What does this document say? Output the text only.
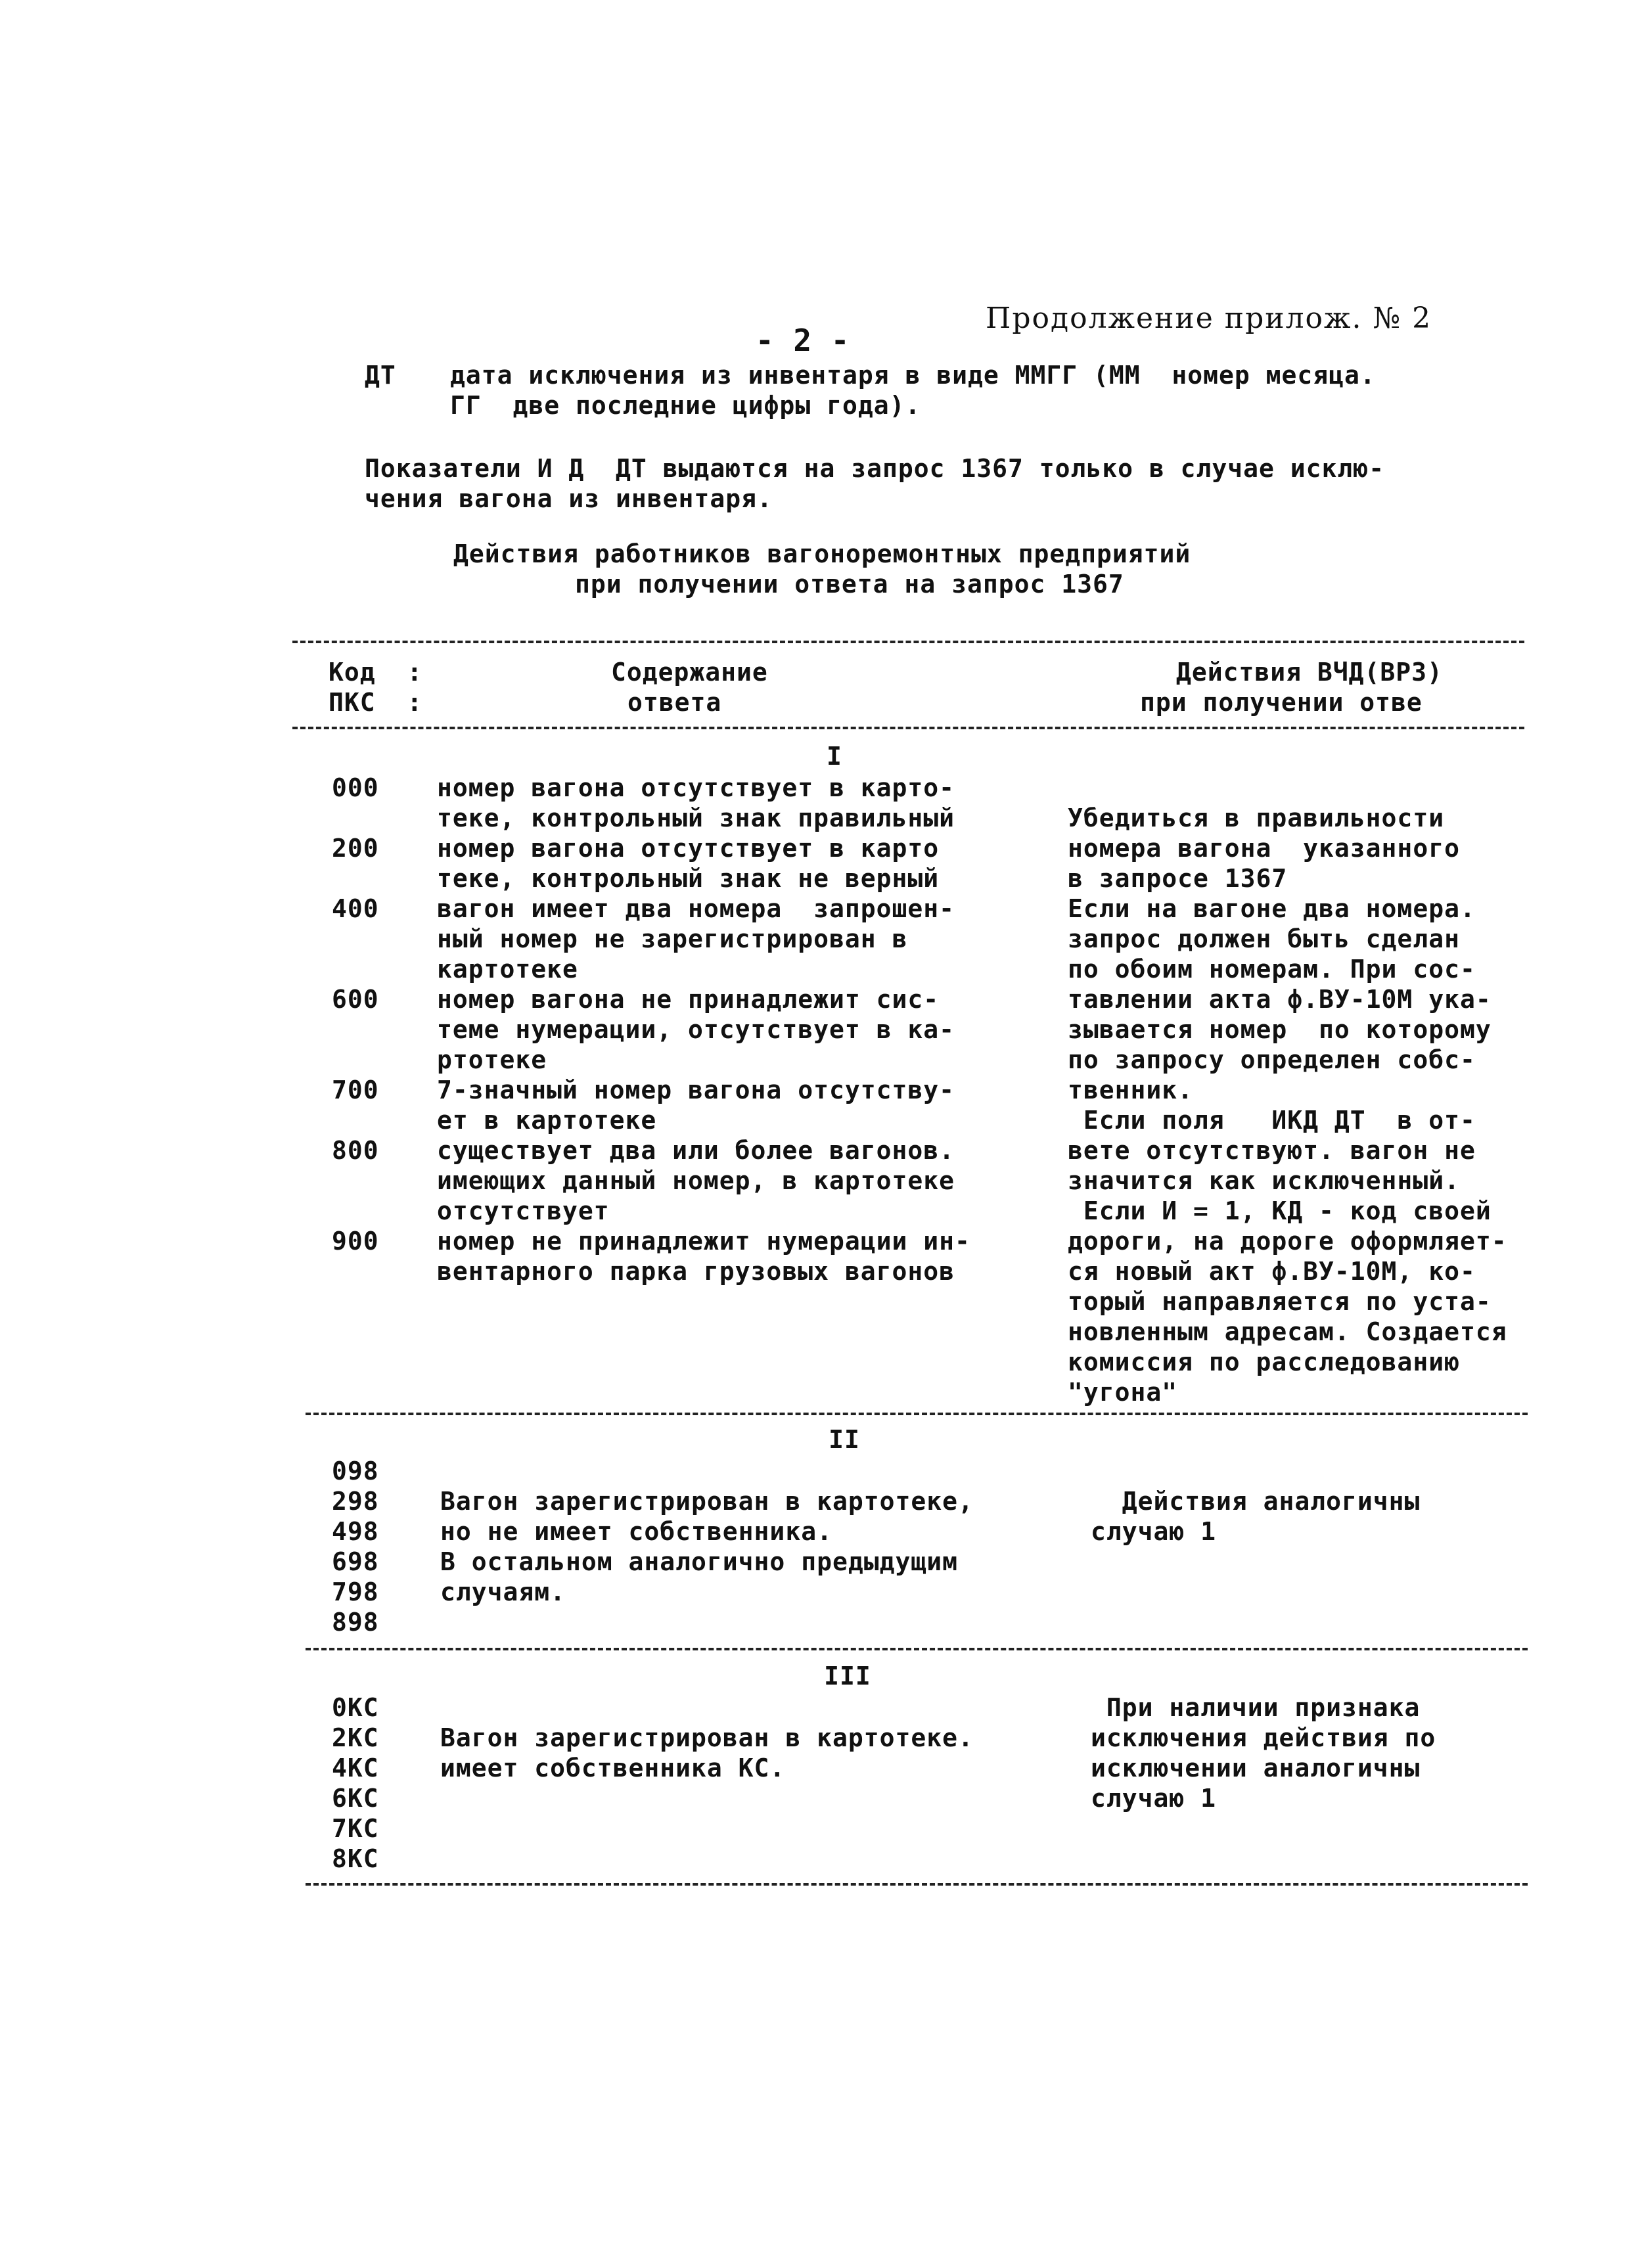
- 2 -
Продолжение прилож. № 2
ДТ дата исключения из инвентаря в виде ММГГ (ММ  номер месяца.
ГГ  две последние цифры года).
Показатели И Д  ДТ выдаются на запрос 1367 только в случае исклю-
чения вагона из инвентаря.
Действия работников вагоноремонтных предприятий
при получении ответа на запрос 1367
Код  :
ПКС  :
Содержание
ответа
Действия ВЧД(ВРЗ)
при получении отве
I
000 номер вагона отсутствует в карто-
теке, контрольный знак правильный
200 номер вагона отсутствует в карто
теке, контрольный знак не верный
400 вагон имеет два номера  запрошен-
ный номер не зарегистрирован в
картотеке
600 номер вагона не принадлежит сис-
теме нумерации, отсутствует в ка-
ртотеке
700 7-значный номер вагона отсутству-
ет в картотеке
800 существует два или более вагонов.
имеющих данный номер, в картотеке
отсутствует
900 номер не принадлежит нумерации ин-
вентарного парка грузовых вагонов
Убедиться в правильности
номера вагона  указанного
в запросе 1367
Если на вагоне два номера.
запрос должен быть сделан
по обоим номерам. При сос-
тавлении акта ф.ВУ-10М ука-
зывается номер  по которому
по запросу определен собс-
твенник.
Если поля   ИКД ДТ  в от-
вете отсутствуют. вагон не
значится как исключенный.
Если И = 1, КД - код своей
дороги, на дороге оформляет-
ся новый акт ф.ВУ-10М, ко-
торый направляется по уста-
новленным адресам. Создается
комиссия по расследованию
"угона"
II
098
298
498
698
798
898
Вагон зарегистрирован в картотеке,
но не имеет собственника.
В остальном аналогично предыдущим
случаям.
Действия аналогичны
случаю 1
III
0КС
2КС
4КС
6КС
7КС
8КС
Вагон зарегистрирован в картотеке.
имеет собственника КС.
При наличии признака
исключения действия по
исключении аналогичны
случаю 1
